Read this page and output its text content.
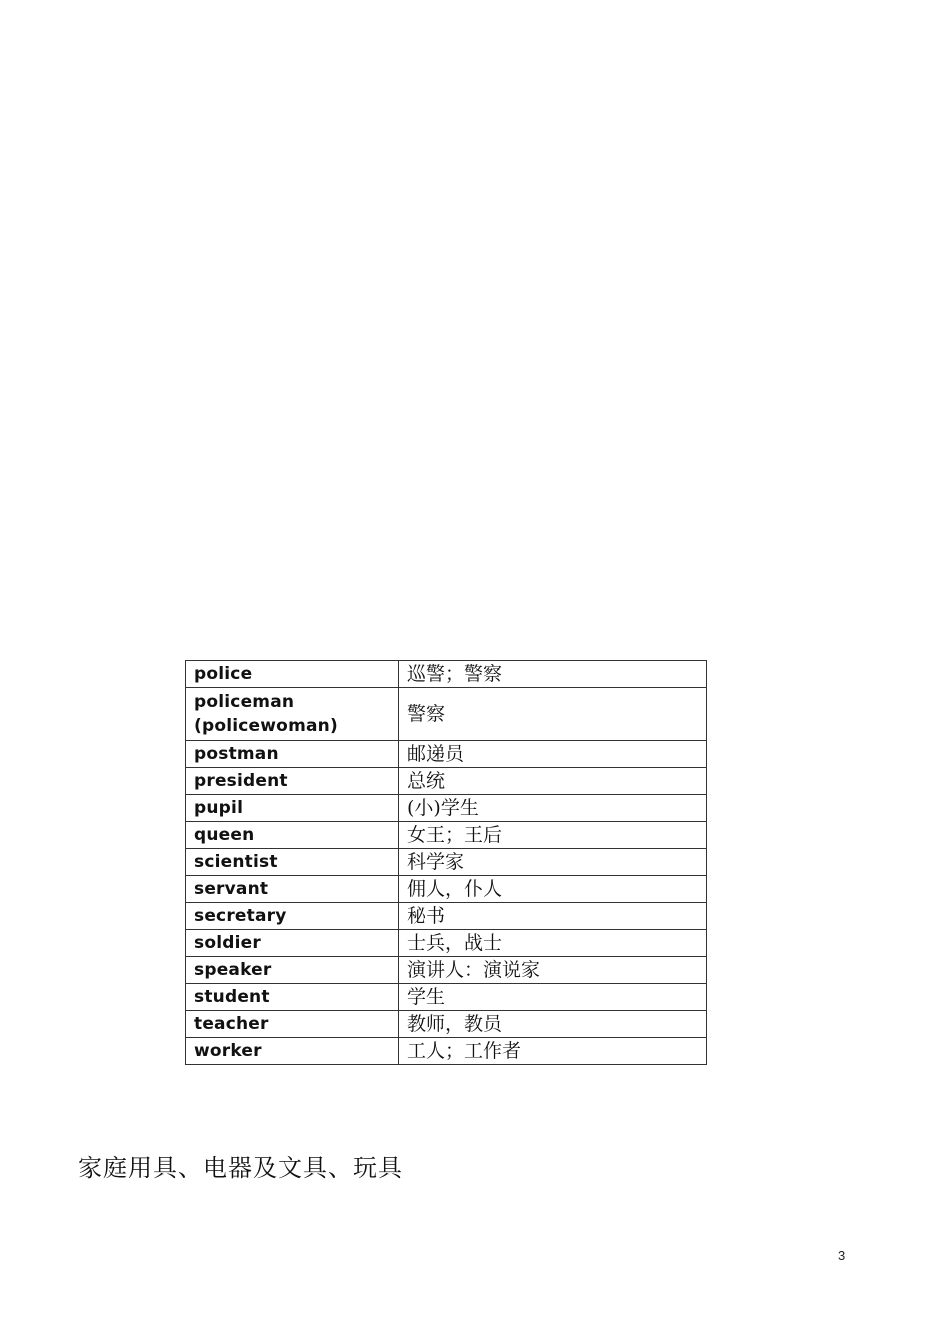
police	巡警；警察
policeman
(policewoman)	警察
postman	邮递员
president	总统
pupil	(小)学生
queen	女王；王后
scientist	科学家
servant	佣人，仆人
secretary	秘书
soldier	士兵，战士
speaker	演讲人：演说家
student	学生
teacher	教师，教员
worker	工人；工作者
家庭用具、电器及文具、玩具
3
